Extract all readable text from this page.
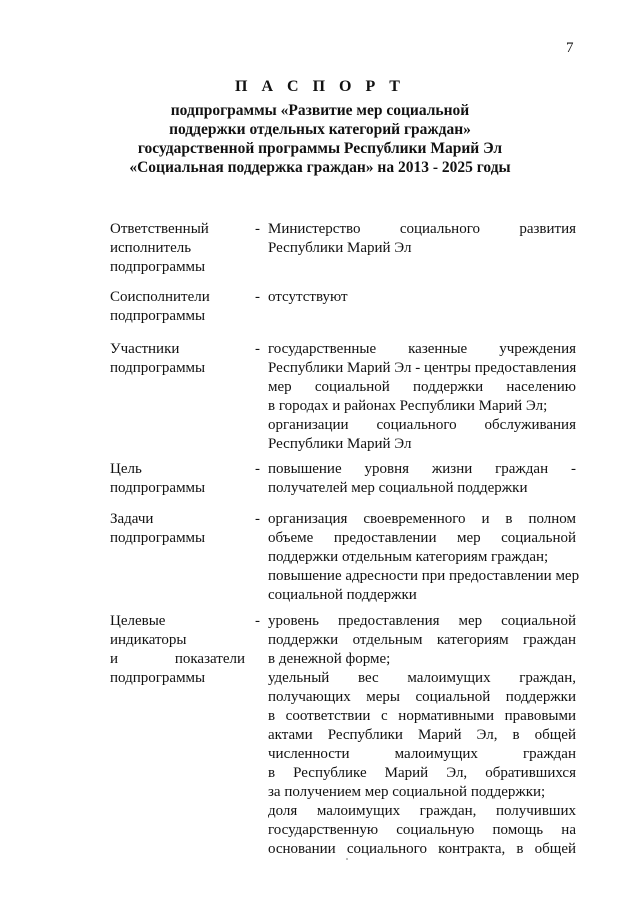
7
П А С П О Р Т
подпрограммы «Развитие мер социальной
поддержки отдельных категорий граждан»
государственной программы Республики Марий Эл
«Социальная поддержка граждан» на 2013 - 2025 годы
Ответственный
исполнитель
подпрограммы
- Министерство социального развития
Республики Марий Эл
Соисполнители
подпрограммы
- отсутствуют
Участники
подпрограммы
- государственные казенные учреждения
Республики Марий Эл - центры предоставления
мер социальной поддержки населению
в городах и районах Республики Марий Эл;
организации социального обслуживания
Республики Марий Эл
Цель
подпрограммы
- повышение уровня жизни граждан -
получателей мер социальной поддержки
Задачи
подпрограммы
- организация своевременного и в полном
объеме предоставлении мер социальной
поддержки отдельным категориям граждан;
повышение адресности при предоставлении мер
социальной поддержки
Целевые
индикаторы
и	показатели
подпрограммы
- уровень предоставления мер социальной
поддержки отдельным категориям граждан
в денежной форме;
удельный вес малоимущих граждан,
получающих меры социальной поддержки
в соответствии с нормативными правовыми
актами Республики Марий Эл, в общей
численности малоимущих граждан
в Республике Марий Эл, обратившихся
за получением мер социальной поддержки;
доля малоимущих граждан, получивших
государственную социальную помощь на
основании социального контракта, в общей
